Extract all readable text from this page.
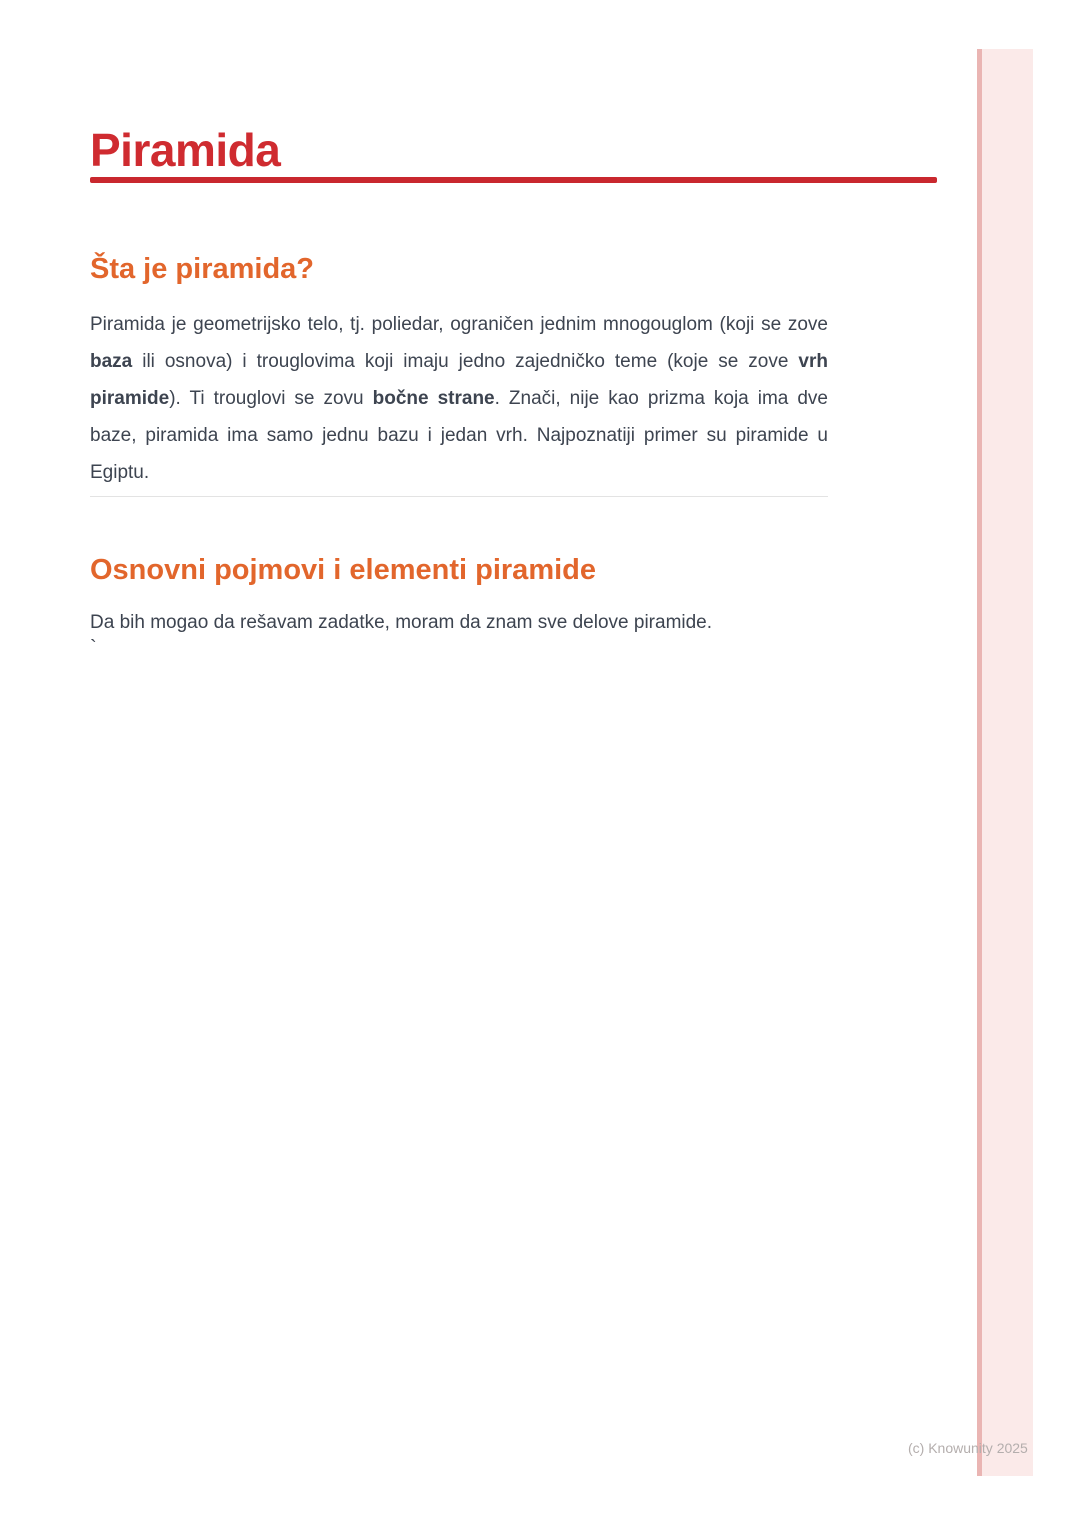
Piramida
Šta je piramida?

Piramida je geometrijsko telo, tj. poliedar, ograničen jednim mnogouglom (koji se zove baza ili osnova) i trouglovima koji imaju jedno zajedničko teme (koje se zove vrh piramide). Ti trouglovi se zovu bočne strane. Znači, nije kao prizma koja ima dve baze, piramida ima samo jednu bazu i jedan vrh. Najpoznatiji primer su piramide u Egiptu.

Osnovni pojmovi i elementi piramide

Da bih mogao da rešavam zadatke, moram da znam sve delove piramide.

`
(c) Knowunity 2025
